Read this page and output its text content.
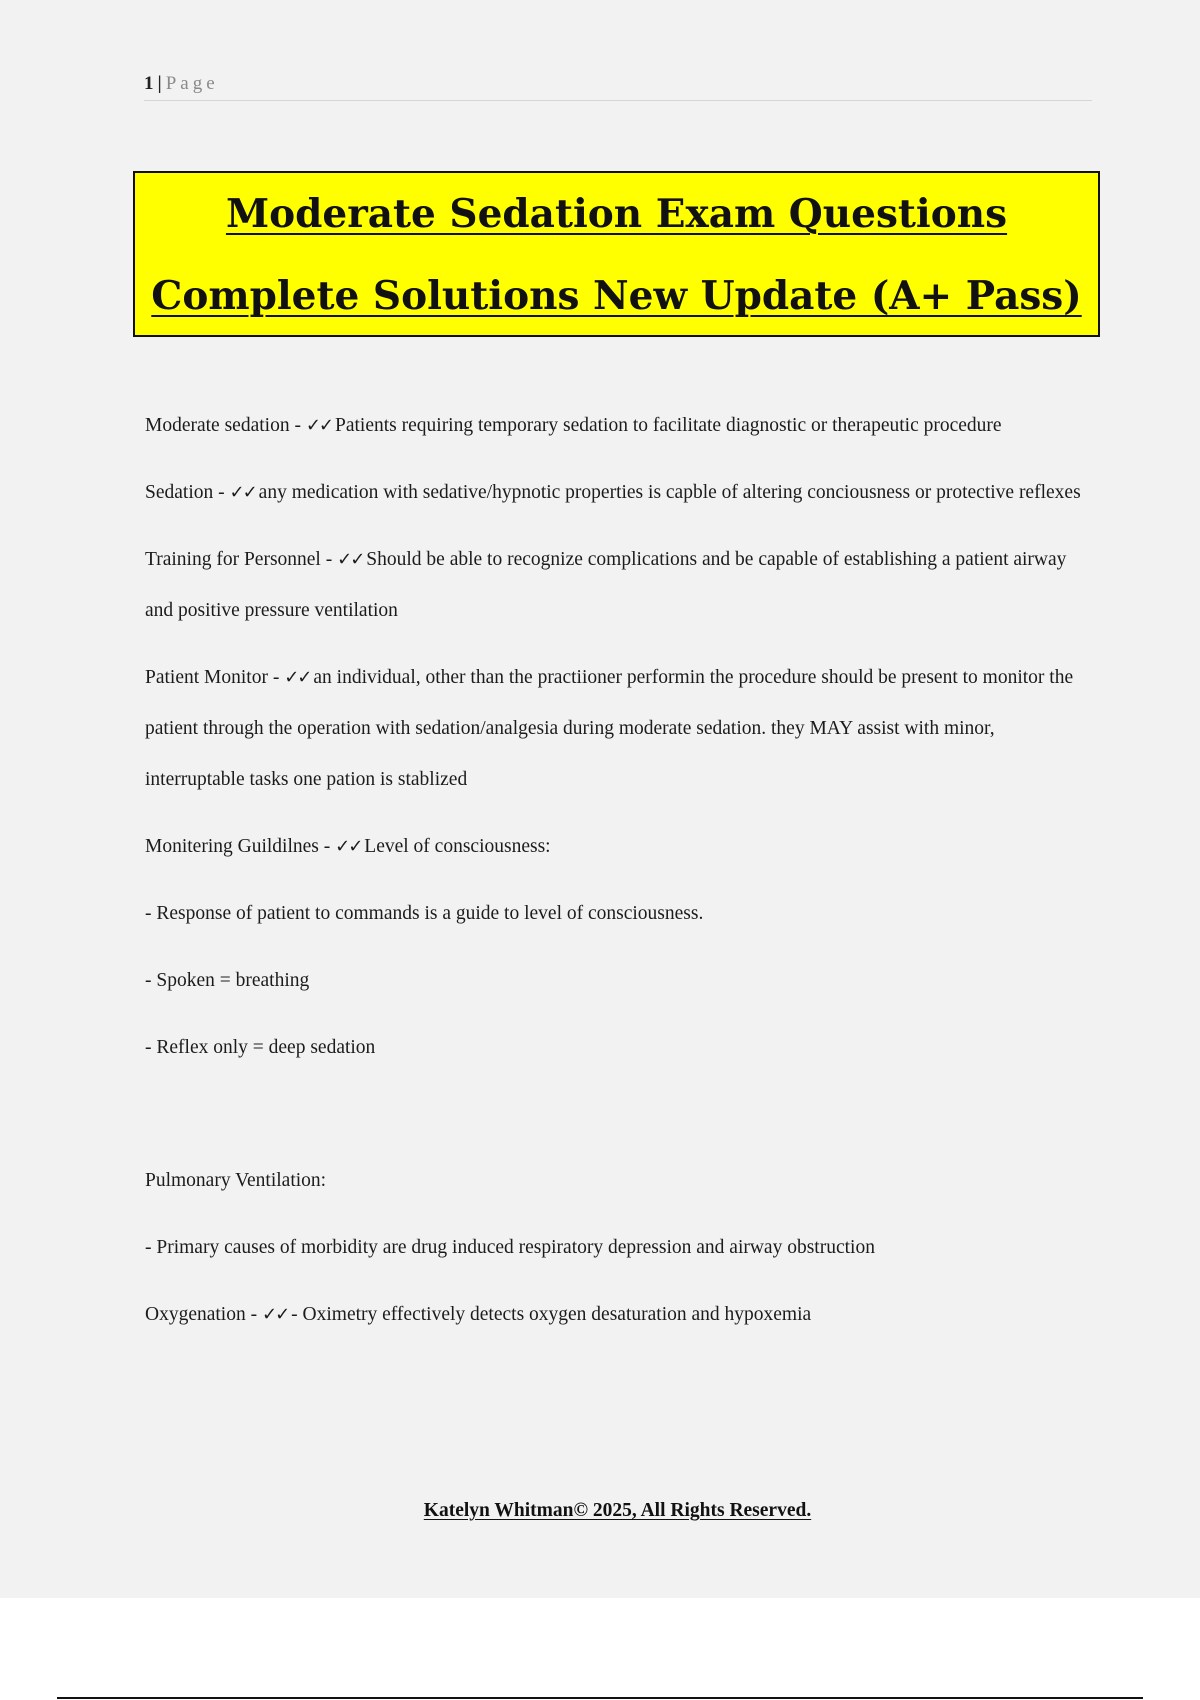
1 | Page
Moderate Sedation Exam Questions
Complete Solutions New Update (A+ Pass)

Moderate sedation - ✓✓ Patients requiring temporary sedation to facilitate diagnostic or therapeutic procedure

Sedation - ✓✓ any medication with sedative/hypnotic properties is capble of altering conciousness or protective reflexes

Training for Personnel - ✓✓ Should be able to recognize complications and be capable of establishing a patient airway and positive pressure ventilation

Patient Monitor - ✓✓ an individual, other than the practiioner performin the procedure should be present to monitor the patient through the operation with sedation/analgesia during moderate sedation. they MAY assist with minor, interruptable tasks one pation is stablized

Monitering Guildilnes - ✓✓ Level of consciousness:

- Response of patient to commands is a guide to level of consciousness.

- Spoken = breathing

- Reflex only = deep sedation

Pulmonary Ventilation:

- Primary causes of morbidity are drug induced respiratory depression and airway obstruction

Oxygenation - ✓✓ - Oximetry effectively detects oxygen desaturation and hypoxemia

Katelyn Whitman© 2025, All Rights Reserved.
